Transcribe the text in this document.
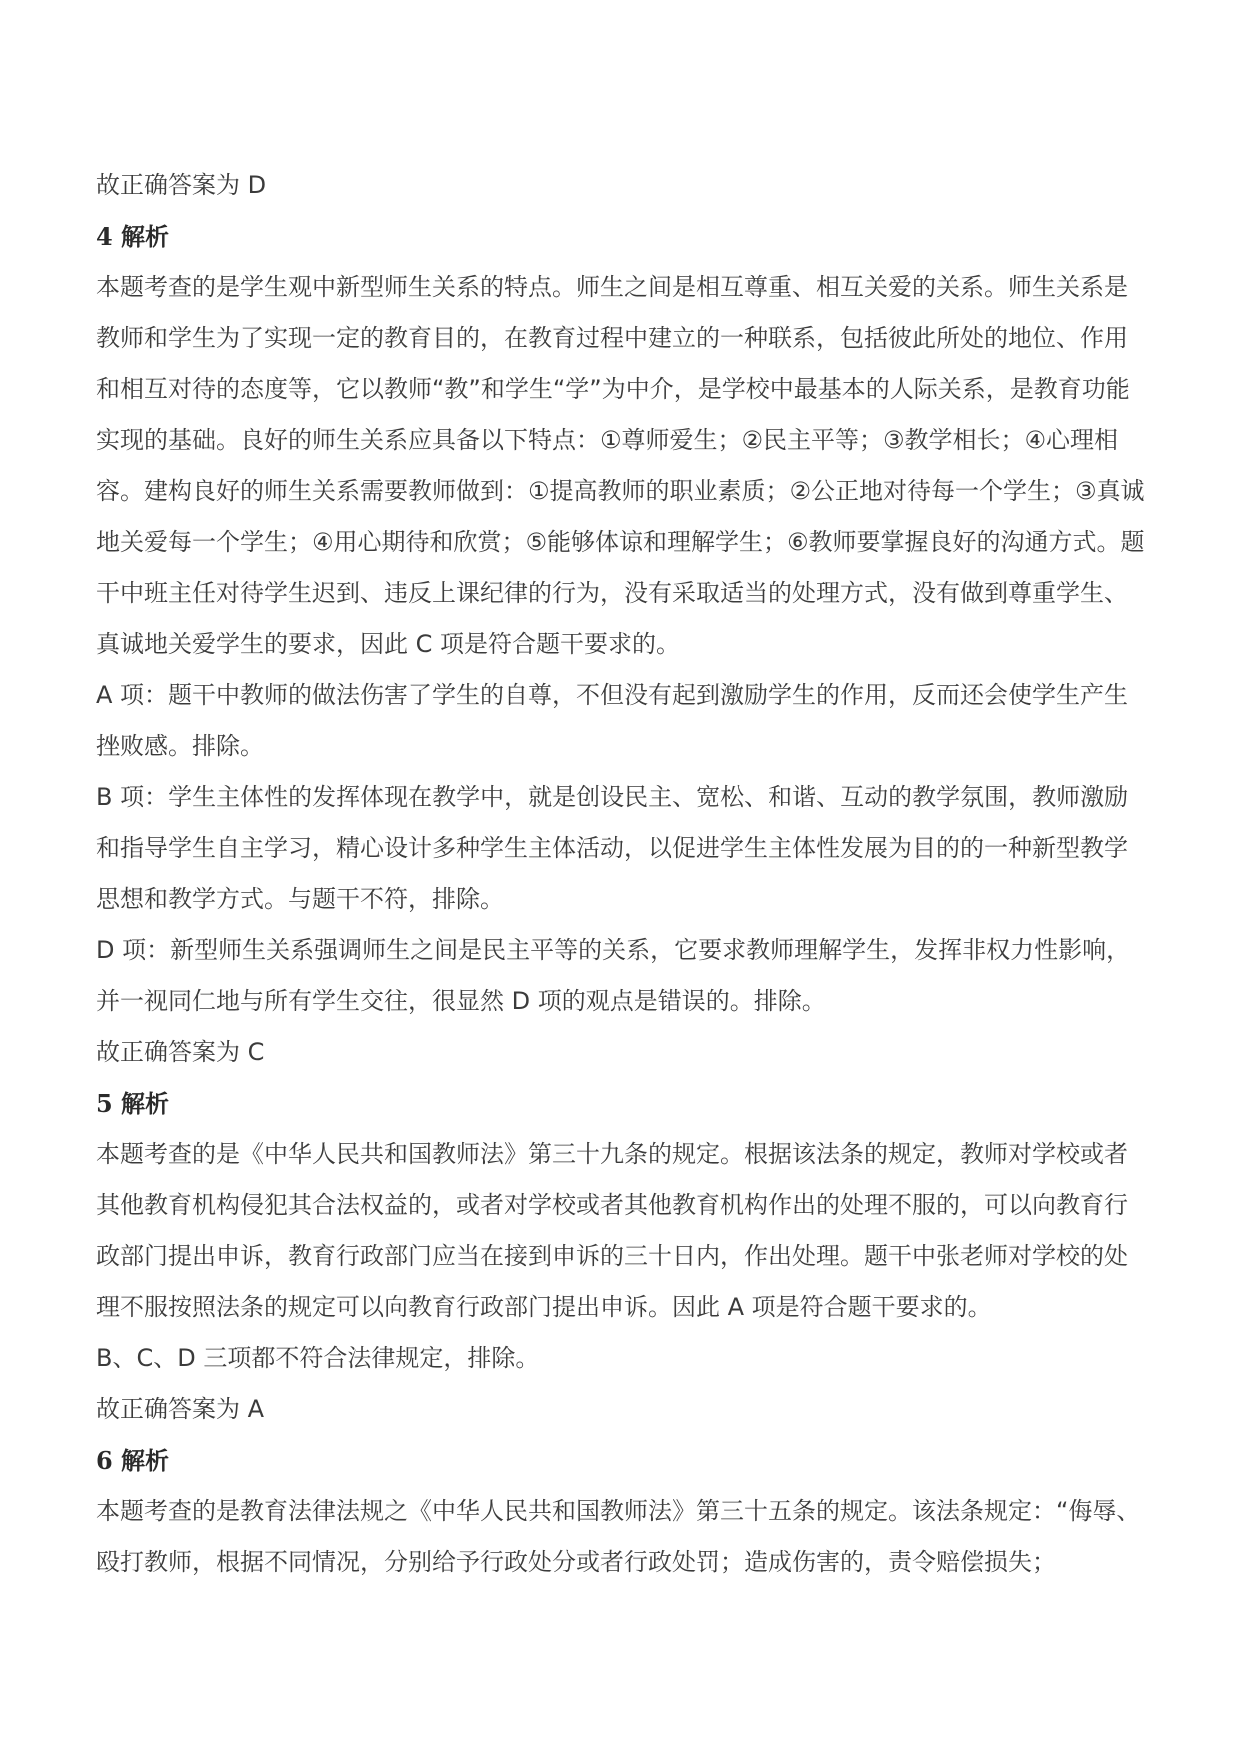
故正确答案为 D
4 解析

本题考查的是学生观中新型师生关系的特点。师生之间是相互尊重、相互关爱的关系。师生关系是教师和学生为了实现一定的教育目的，在教育过程中建立的一种联系，包括彼此所处的地位、作用和相互对待的态度等，它以教师“教”和学生“学”为中介，是学校中最基本的人际关系，是教育功能实现的基础。良好的师生关系应具备以下特点：①尊师爱生；②民主平等；③教学相长；④心理相容。建构良好的师生关系需要教师做到：①提高教师的职业素质；②公正地对待每一个学生；③真诚地关爱每一个学生；④用心期待和欣赏；⑤能够体谅和理解学生；⑥教师要掌握良好的沟通方式。题干中班主任对待学生迟到、违反上课纪律的行为，没有采取适当的处理方式，没有做到尊重学生、真诚地关爱学生的要求，因此 C 项是符合题干要求的。

A 项：题干中教师的做法伤害了学生的自尊，不但没有起到激励学生的作用，反而还会使学生产生挫败感。排除。

B 项：学生主体性的发挥体现在教学中，就是创设民主、宽松、和谐、互动的教学氛围，教师激励和指导学生自主学习，精心设计多种学生主体活动，以促进学生主体性发展为目的的一种新型教学思想和教学方式。与题干不符，排除。

D 项：新型师生关系强调师生之间是民主平等的关系，它要求教师理解学生，发挥非权力性影响，并一视同仁地与所有学生交往，很显然 D 项的观点是错误的。排除。

故正确答案为 C
5 解析

本题考查的是《中华人民共和国教师法》第三十九条的规定。根据该法条的规定，教师对学校或者其他教育机构侵犯其合法权益的，或者对学校或者其他教育机构作出的处理不服的，可以向教育行政部门提出申诉，教育行政部门应当在接到申诉的三十日内，作出处理。题干中张老师对学校的处理不服按照法条的规定可以向教育行政部门提出申诉。因此 A 项是符合题干要求的。

B、C、D 三项都不符合法律规定，排除。

故正确答案为 A
6 解析

本题考查的是教育法律法规之《中华人民共和国教师法》第三十五条的规定。该法条规定：“侮辱、殴打教师，根据不同情况，分别给予行政处分或者行政处罚；造成伤害的，责令赔偿损失；
